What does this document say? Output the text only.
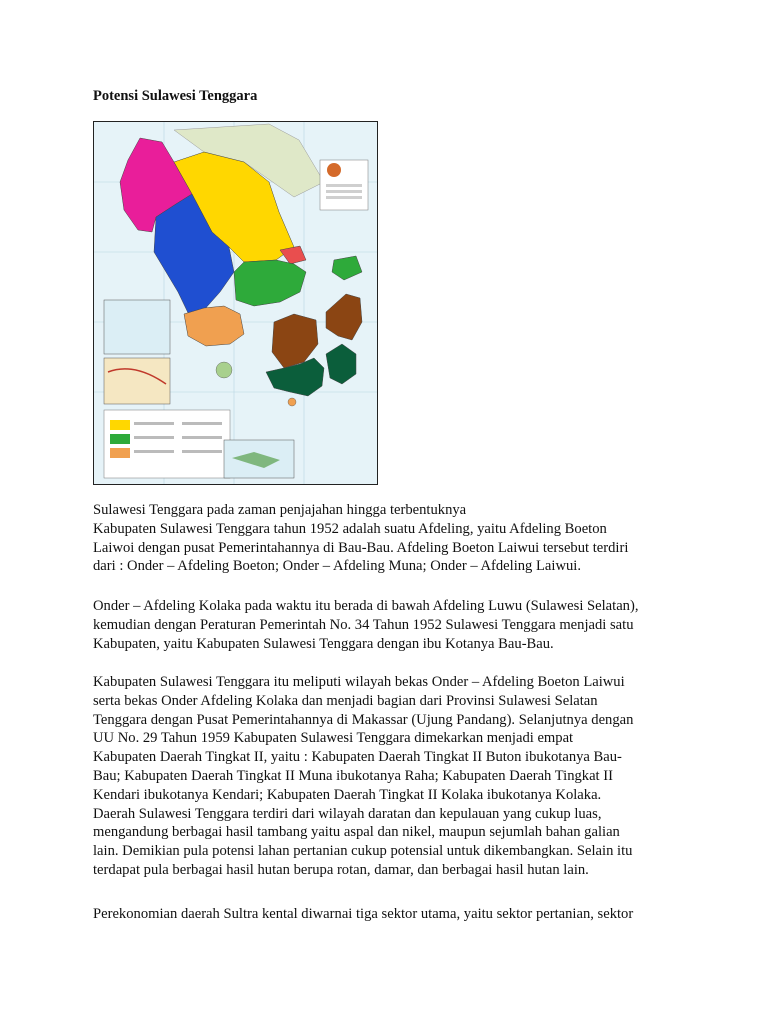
Potensi Sulawesi Tenggara

Sulawesi Tenggara pada zaman penjajahan hingga terbentuknya

Kabupaten Sulawesi Tenggara tahun 1952 adalah suatu Afdeling, yaitu Afdeling Boeton

Laiwoi dengan pusat Pemerintahannya di Bau-Bau. Afdeling Boeton Laiwui tersebut terdiri

dari : Onder – Afdeling Boeton; Onder – Afdeling Muna; Onder – Afdeling Laiwui.

Onder – Afdeling Kolaka pada waktu itu berada di bawah Afdeling Luwu (Sulawesi Selatan),

kemudian dengan Peraturan Pemerintah No. 34 Tahun 1952 Sulawesi Tenggara menjadi satu

Kabupaten, yaitu Kabupaten Sulawesi Tenggara dengan ibu Kotanya Bau-Bau.

Kabupaten Sulawesi Tenggara itu meliputi wilayah bekas Onder – Afdeling Boeton Laiwui

serta bekas Onder Afdeling Kolaka dan menjadi bagian dari Provinsi Sulawesi Selatan

Tenggara dengan Pusat Pemerintahannya di Makassar (Ujung Pandang). Selanjutnya dengan

UU No. 29 Tahun 1959 Kabupaten Sulawesi Tenggara dimekarkan menjadi empat

Kabupaten Daerah Tingkat II, yaitu : Kabupaten Daerah Tingkat II Buton ibukotanya Bau-

Bau; Kabupaten Daerah Tingkat II Muna ibukotanya Raha; Kabupaten Daerah Tingkat II

Kendari ibukotanya Kendari; Kabupaten Daerah Tingkat II Kolaka ibukotanya Kolaka.

Daerah Sulawesi Tenggara terdiri dari wilayah daratan dan kepulauan yang cukup luas,

mengandung berbagai hasil tambang yaitu aspal dan nikel, maupun sejumlah bahan galian

lain. Demikian pula potensi lahan pertanian cukup potensial untuk dikembangkan. Selain itu

terdapat pula berbagai hasil hutan berupa rotan, damar, dan berbagai hasil hutan lain.

Perekonomian daerah Sultra kental diwarnai tiga sektor utama, yaitu sektor pertanian, sektor
